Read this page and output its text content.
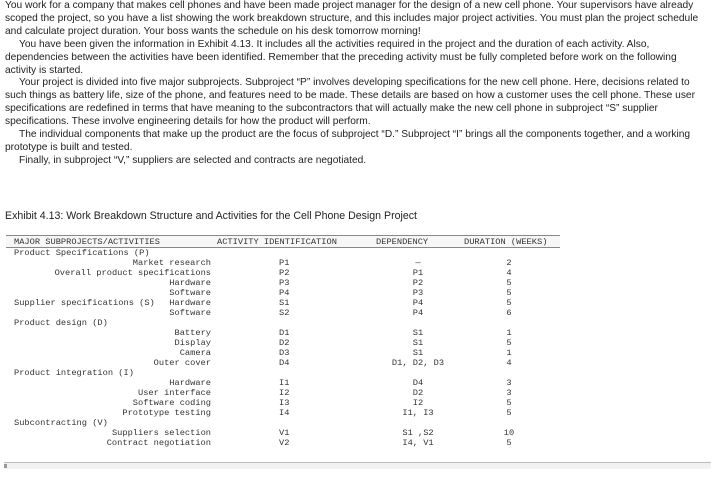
You work for a company that makes cell phones and have been made project manager for the design of a new cell phone. Your supervisors have already scoped the project, so you have a list showing the work breakdown structure, and this includes major project activities. You must plan the project schedule and calculate project duration. Your boss wants the schedule on his desk tomorrow morning!

You have been given the information in Exhibit 4.13. It includes all the activities required in the project and the duration of each activity. Also, dependencies between the activities have been identified. Remember that the preceding activity must be fully completed before work on the following activity is started.

Your project is divided into five major subprojects. Subproject “P” involves developing specifications for the new cell phone. Here, decisions related to such things as battery life, size of the phone, and features need to be made. These details are based on how a customer uses the cell phone. These user specifications are redefined in terms that have meaning to the subcontractors that will actually make the new cell phone in subproject “S” supplier specifications. These involve engineering details for how the product will perform.

The individual components that make up the product are the focus of subproject “D.” Subproject “I” brings all the components together, and a working prototype is built and tested.

Finally, in subproject “V,” suppliers are selected and contracts are negotiated.

Exhibit 4.13: Work Breakdown Structure and Activities for the Cell Phone Design Project
MAJOR SUBPROJECTS/ACTIVITIES	ACTIVITY IDENTIFICATION	DEPENDENCY	DURATION (WEEKS)
Product Specifications (P)
Market research	P1	—	2
Overall product specifications	P2	P1	4
Hardware	P3	P2	5
Software	P4	P3	5
Supplier specifications (S) Hardware	S1	P4	5
Software	S2	P4	6
Product design (D)
Battery	D1	S1	1
Display	D2	S1	5
Camera	D3	S1	1
Outer cover	D4	D1, D2, D3	4
Product integration (I)
Hardware	I1	D4	3
User interface	I2	D2	3
Software coding	I3	I2	5
Prototype testing	I4	I1, I3	5
Subcontracting (V)
Suppliers selection	V1	S1 ,S2	10
Contract negotiation	V2	I4, V1	5
